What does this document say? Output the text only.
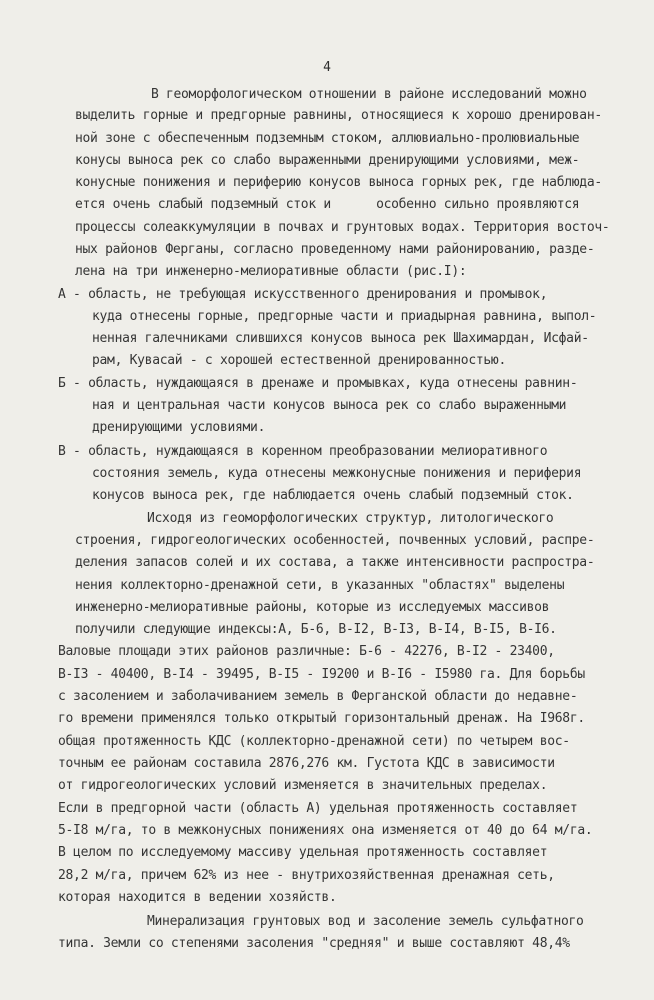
4
В геоморфологическом отношении в районе исследований можно
выделить горные и предгорные равнины, относящиеся к хорошо дренирован-
ной зоне с обеспеченным подземным стоком, аллювиально-пролювиальные
конусы выноса рек со слабо выраженными дренирующими условиями, меж-
конусные понижения и периферию конусов выноса горных рек, где наблюда-
ется очень слабый подземный сток и      особенно сильно проявляются
процессы солеаккумуляции в почвах и грунтовых водах. Территория восточ-
ных районов Ферганы, согласно проведенному нами районированию, разде-
лена на три инженерно-мелиоративные области (рис.I):
А - область, не требующая искусственного дренирования и промывок,
куда отнесены горные, предгорные части и приадырная равнина, выпол-
ненная галечниками слившихся конусов выноса рек Шахимардан, Исфай-
рам, Кувасай - с хорошей естественной дренированностью.
Б - область, нуждающаяся в дренаже и промывках, куда отнесены равнин-
ная и центральная части конусов выноса рек со слабо выраженными
дренирующими условиями.
В - область, нуждающаяся в коренном преобразовании мелиоративного
состояния земель, куда отнесены межконусные понижения и периферия
конусов выноса рек, где наблюдается очень слабый подземный сток.
Исходя из геоморфологических структур, литологического
строения, гидрогеологических особенностей, почвенных условий, распре-
деления запасов солей и их состава, а также интенсивности распростра-
нения коллекторно-дренажной сети, в указанных "областях" выделены
инженерно-мелиоративные районы, которые из исследуемых массивов
получили следующие индексы:А, Б-6, В-I2, В-I3, В-I4, В-I5, В-I6.
Валовые площади этих районов различные: Б-6 - 42276, В-I2 - 23400,
В-I3 - 40400, В-I4 - 39495, В-I5 - I9200 и В-I6 - I5980 га. Для борьбы
с засолением и заболачиванием земель в Ферганской области до недавне-
го времени применялся только открытый горизонтальный дренаж. На I968г.
общая протяженность КДС (коллекторно-дренажной сети) по четырем вос-
точным ее районам составила 2876,276 км. Густота КДС в зависимости
от гидрогеологических условий изменяется в значительных пределах.
Если в предгорной части (область А) удельная протяженность составляет
5-I8 м/га, то в межконусных понижениях она изменяется от 40 до 64 м/га.
В целом по исследуемому массиву удельная протяженность составляет
28,2 м/га, причем 62% из нее - внутрихозяйственная дренажная сеть,
которая находится в ведении хозяйств.
Минерализация грунтовых вод и засоление земель сульфатного
типа. Земли со степенями засоления "средняя" и выше составляют 48,4%
